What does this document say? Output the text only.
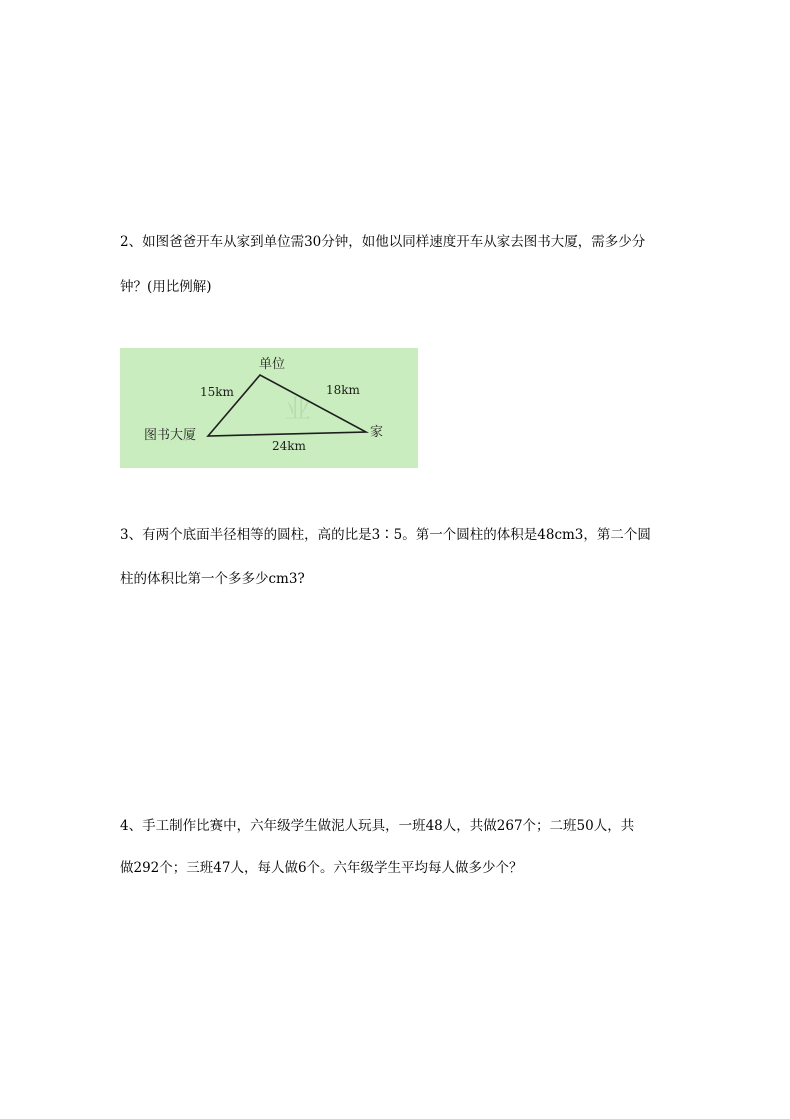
2、如图爸爸开车从家到单位需30分钟，如他以同样速度开车从家去图书大厦，需多少分
钟？(用比例解)
业
单位
图书大厦	家
15km	18km
24km
3、有两个底面半径相等的圆柱，高的比是3∶5。第一个圆柱的体积是48cm3，第二个圆
柱的体积比第一个多多少cm3?
4、手工制作比赛中，六年级学生做泥人玩具，一班48人，共做267个；二班50人，共
做292个；三班47人，每人做6个。六年级学生平均每人做多少个？
